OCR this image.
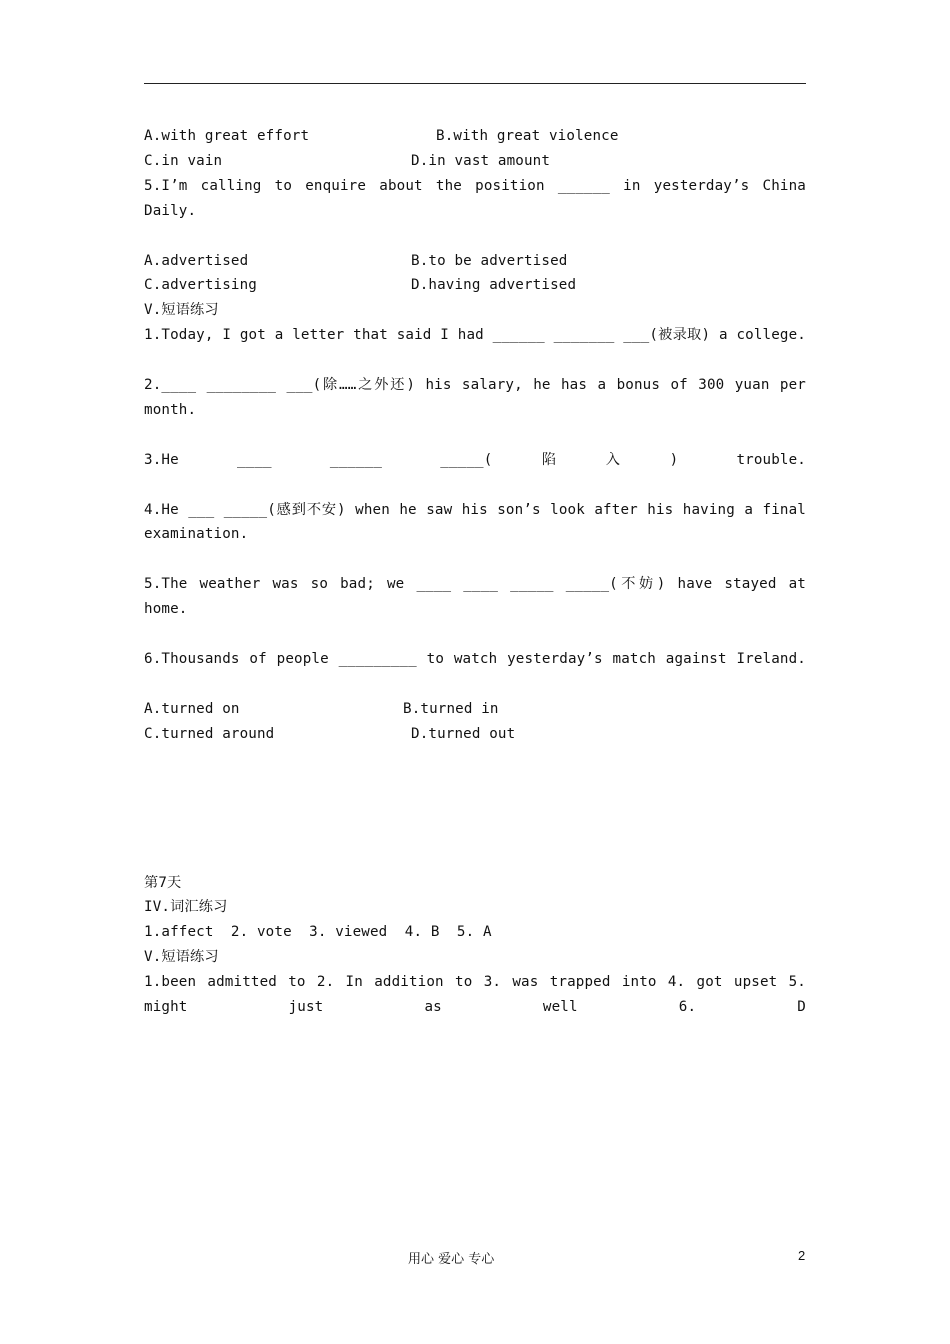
A.with great effort	B.with great violence
C.in vain	D.in vast amount
5.I’m calling to enquire about the position ______ in yesterday’s China Daily.
A.advertised	B.to be advertised
C.advertising	D.having advertised
V.短语练习
1.Today, I got a letter that said I had ______ _______ ___(被录取) a college.
2.____ ________ ___(除……之外还) his salary, he has a bonus of 300 yuan per month.
3.He ____ ______ _____(陷入) trouble.
4.He ___ _____(感到不安) when he saw his son’s look after his having a final examination.
5.The weather was so bad; we ____ ____ _____ _____(不妨) have stayed at home.
6.Thousands of people _________ to watch yesterday’s match against Ireland.
A.turned on	B.turned in
C.turned around	D.turned out
第7天
IV.词汇练习
1.affect  2. vote  3. viewed  4. B  5. A
V.短语练习
1.been admitted to 2. In addition to 3. was trapped into 4. got upset 5. might just as well 6. D
用心 爱心 专心	2
